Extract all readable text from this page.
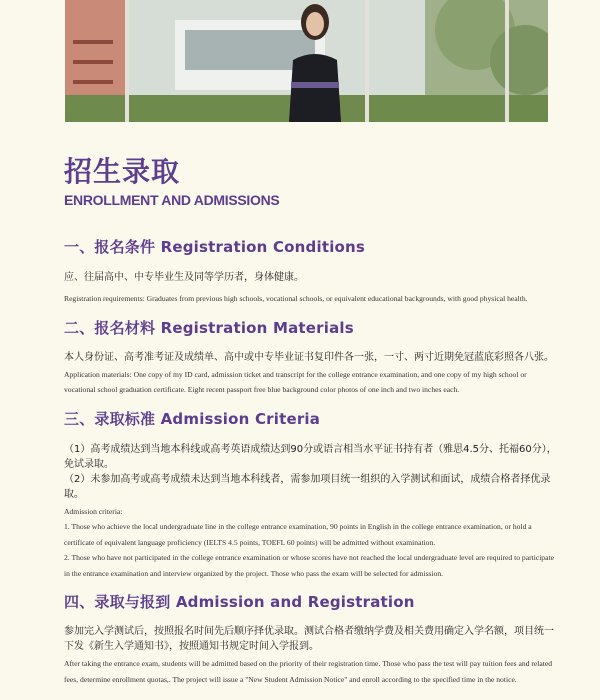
招生录取
ENROLLMENT AND ADMISSIONS
一、报名条件 Registration Conditions

应、往届高中、中专毕业生及同等学历者，身体健康。

Registration requirements: Graduates from previous high schools, vocational schools, or equivalent educational backgrounds, with good physical health.

二、报名材料 Registration Materials

本人身份证、高考准考证及成绩单、高中或中专毕业证书复印件各一张，一寸、两寸近期免冠蓝底彩照各八张。

Application materials: One copy of my ID card, admission ticket and transcript for the college entrance examination, and one copy of my high school or vocational school graduation certificate. Eight recent passport free blue background color photos of one inch and two inches each.

三、录取标准 Admission Criteria

（1）高考成绩达到当地本科线或高考英语成绩达到90分或语言相当水平证书持有者（雅思4.5分、托福60分），免试录取。

（2）未参加高考或高考成绩未达到当地本科线者，需参加项目统一组织的入学测试和面试，成绩合格者择优录取。

Admission criteria:

1. Those who achieve the local undergraduate line in the college entrance examination, 90 points in English in the college entrance examination, or hold a certificate of equivalent language proficiency (IELTS 4.5 points, TOEFL 60 points) will be admitted without examination.

2. Those who have not participated in the college entrance examination or whose scores have not reached the local undergraduate level are required to participate in the entrance examination and interview organized by the project. Those who pass the exam will be selected for admission.

四、录取与报到 Admission and Registration

参加完入学测试后，按照报名时间先后顺序择优录取。测试合格者缴纳学费及相关费用确定入学名额，项目统一下发《新生入学通知书》，按照通知书规定时间入学报到。

After taking the entrance exam, students will be admitted based on the priority of their registration time. Those who pass the test will pay tuition fees and related fees, determine enrollment quotas,. The project will issue a "New Student Admission Notice" and enroll according to the specified time in the notice.
